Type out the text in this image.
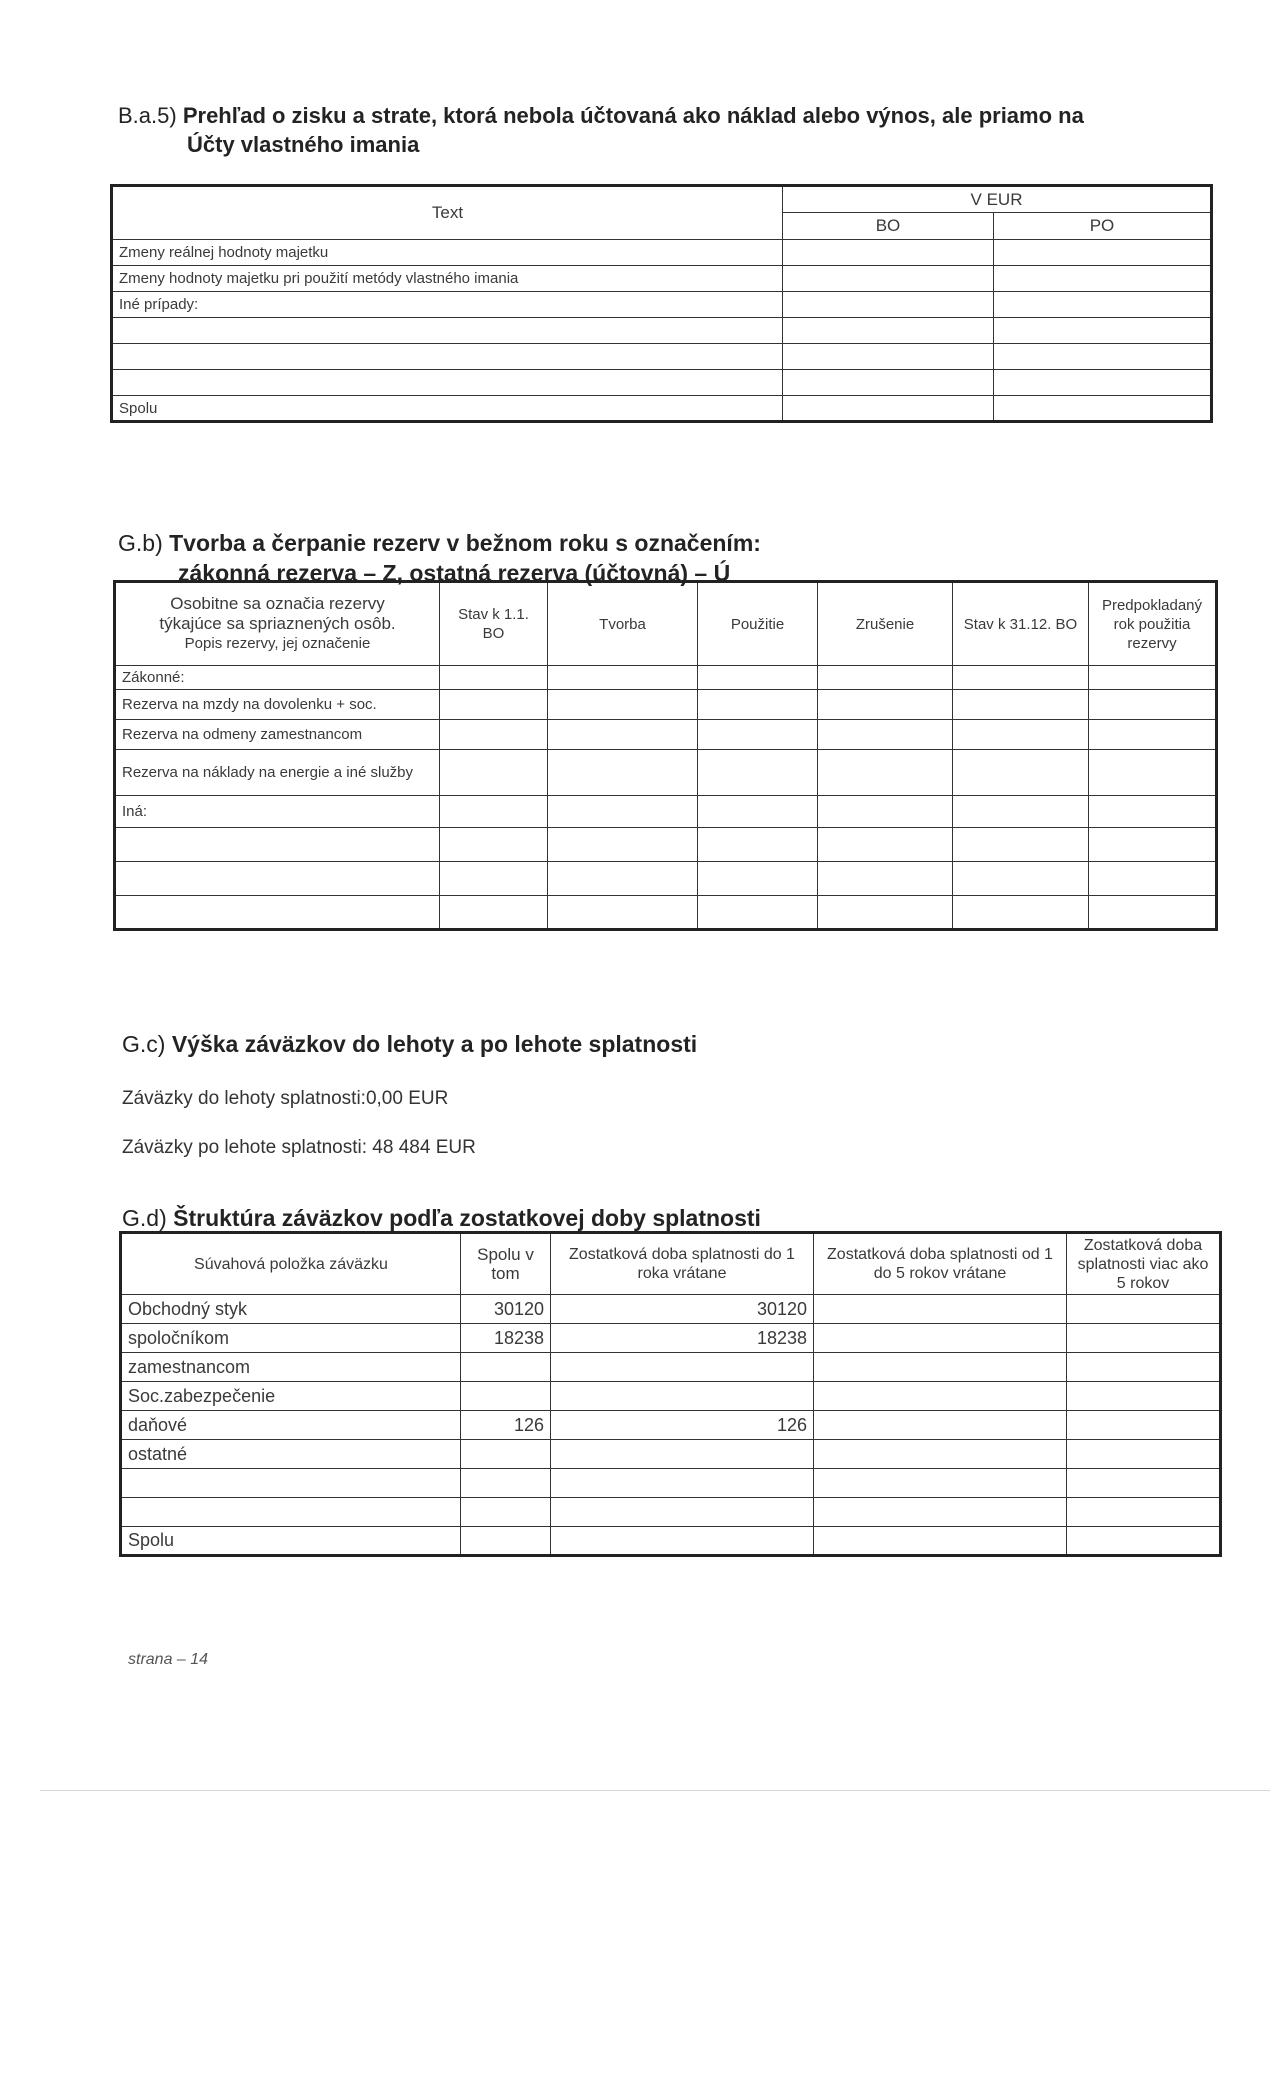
B.a.5) Prehľad o zisku a strate, ktorá nebola účtovaná ako náklad alebo výnos, ale priamo na
Účty vlastného imania
Text	V EUR	
	BO	PO
Zmeny reálnej hodnoty majetku		
Zmeny hodnoty majetku pri použití metódy vlastného imania		
Iné prípady:		

Spolu		
G.b) Tvorba a čerpanie rezerv v bežnom roku s označením:
zákonná rezerva – Z, ostatná rezerva (účtovná) – Ú
Osobitne sa označia rezervy
týkajúce sa spriaznených osôb.
Popis rezervy, jej označenie	Stav k 1.1. BO	Tvorba	Použitie	Zrušenie	Stav k 31.12. BO	Predpokladaný rok použitia rezervy
Zákonné:						
Rezerva na mzdy na dovolenku + soc.						
Rezerva na odmeny zamestnancom						
Rezerva na náklady na energie a iné služby						
Iná:						

G.c) Výška záväzkov do lehoty a po lehote splatnosti
Záväzky do lehoty splatnosti:0,00 EUR
Záväzky po lehote splatnosti: 48 484 EUR
G.d) Štruktúra záväzkov podľa zostatkovej doby splatnosti
Súvahová položka záväzku	Spolu v tom	Zostatková doba splatnosti do 1 roka vrátane	Zostatková doba splatnosti od 1 do 5 rokov vrátane	Zostatková doba splatnosti viac ako 5 rokov
Obchodný styk	30120	30120		
spoločníkom	18238	18238		
zamestnancom				
Soc.zabezpečenie				
daňové	126	126		
ostatné				

Spolu				
strana – 14
